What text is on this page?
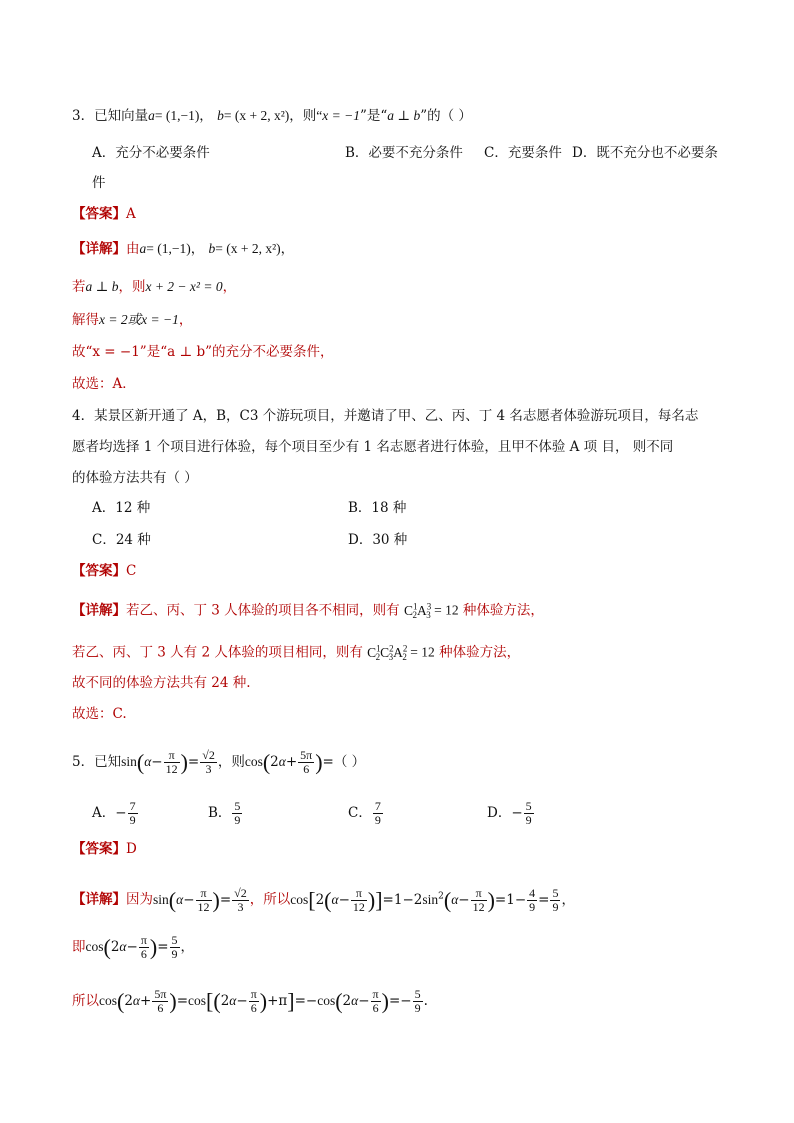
3．已知向量a= (1,−1)， b= (x + 2, x²)，则“x = −1”是“a ⊥ b”的（ ）
A．充分不必要条件	B．必要不充分条件 C．充要条件 D．既不充分也不必要条
件
【答案】A
【详解】由a= (1,−1)， b= (x + 2, x²)，
若a ⊥ b，则x + 2 − x² = 0，
解得x = 2或x = −1，
故“x = −1”是“a ⊥ b”的充分不必要条件，
故选：A．
4．某景区新开通了 A，B，C3 个游玩项目，并邀请了甲、乙、丙、丁 4 名志愿者体验游玩项目，每名志
愿者均选择 1 个项目进行体验，每个项目至少有 1 名志愿者进行体验，且甲不体验 A 项 目， 则不同
的体验方法共有（ ）
A．12 种	B．18 种
C．24 种	D．30 种
【答案】C
【详解】若乙、丙、丁 3 人体验的项目各不相同，则有 $C^1_2A^3_3 = 12$ 种体验方法，
若乙、丙、丁 3 人有 2 人体验的项目相同，则有 $C^1_2C^2_3A^2_2 = 12$ 种体验方法，
故不同的体验方法共有 24 种.
故选：C.
5．已知$\sin(\alpha- \frac{\pi}{12}$ )= $\frac{√2}{3}$ ，则$\cos(2\alpha+ \frac{5\pi}{6}$ )=（ ）
A．− $\frac{7}{9}$	B． $\frac{5}{9}$	C． $\frac{7}{9}$	D．− $\frac{5}{9}$
【答案】D
【详解】因为$\sin(\alpha- \frac{\pi}{12}$ )= $\frac{√2}{3}$ ，所以$\cos[2(\alpha- \frac{\pi}{12} )]=1-2\sin^2(\alpha- \frac{\pi}{12} )=1- \frac{4}{9} = \frac{5}{9}$ ，
即$\cos(2\alpha- \frac{\pi}{6}$ )= $\frac{5}{9}$ ，
所以$\cos(2\alpha+ \frac{5\pi}{6} )=\cos[(2\alpha- \frac{\pi}{6} )+\pi]=-\cos(2\alpha- \frac{\pi}{6}$ )=− $\frac{5}{9}$ .
